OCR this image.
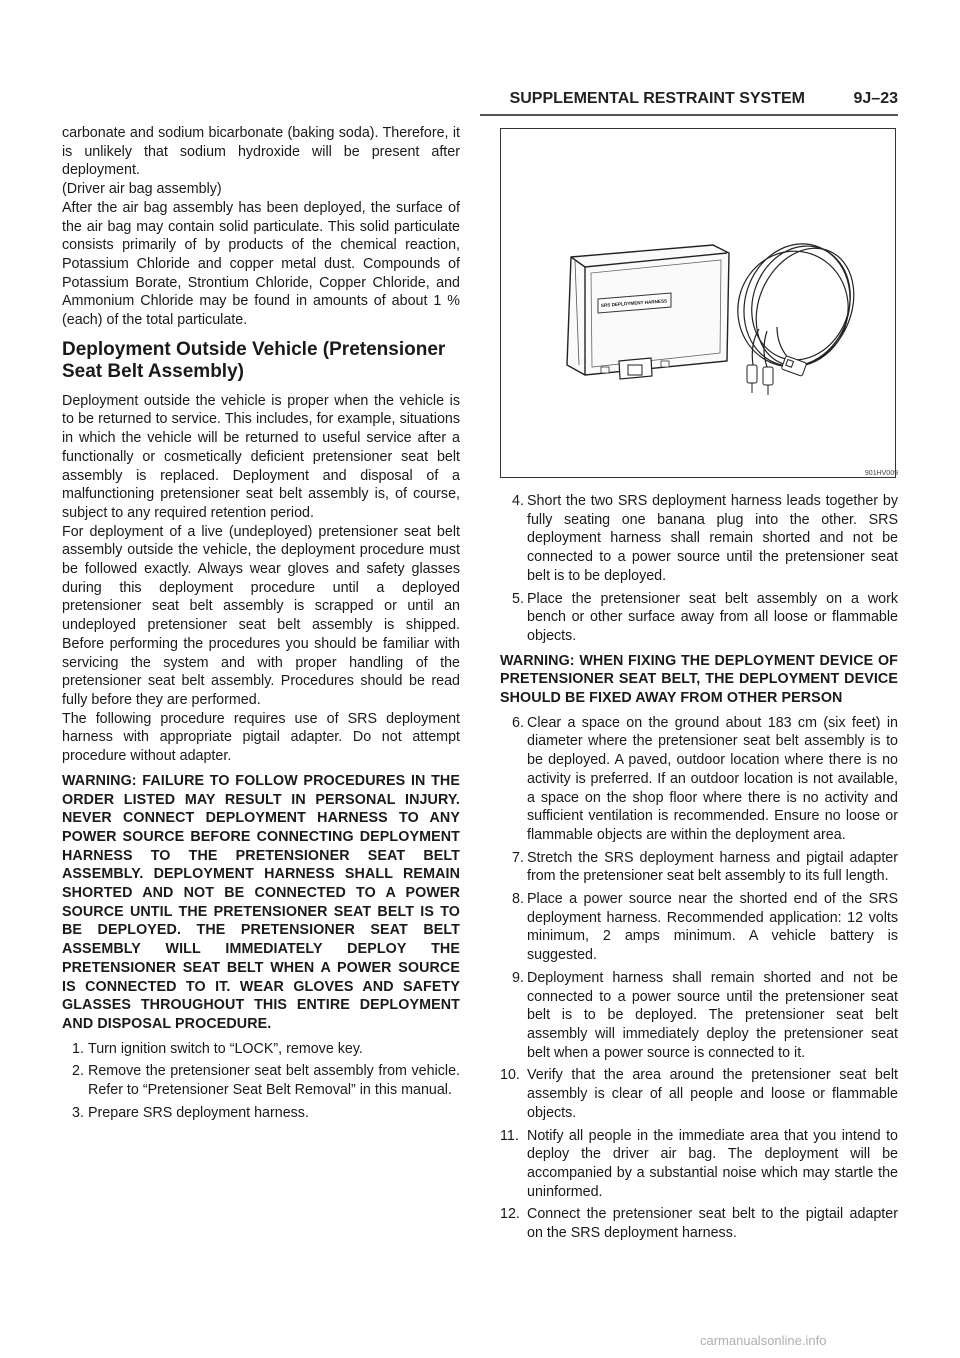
SUPPLEMENTAL RESTRAINT SYSTEM	9J–23

carbonate and sodium bicarbonate (baking soda). Therefore, it is unlikely that sodium hydroxide will be present after deployment.

(Driver air bag assembly)

After the air bag assembly has been deployed, the surface of the air bag may contain solid particulate. This solid particulate consists primarily of by products of the chemical reaction, Potassium Chloride and copper metal dust. Compounds of Potassium Borate, Strontium Chloride, Copper Chloride, and Ammonium Chloride may be found in amounts of about 1 % (each) of the total particulate.

Deployment Outside Vehicle (Pretensioner Seat Belt Assembly)

Deployment outside the vehicle is proper when the vehicle is to be returned to service. This includes, for example, situations in which the vehicle will be returned to useful service after a functionally or cosmetically deficient pretensioner seat belt assembly is replaced. Deployment and disposal of a malfunctioning pretensioner seat belt assembly is, of course, subject to any required retention period.

For deployment of a live (undeployed) pretensioner seat belt assembly outside the vehicle, the deployment procedure must be followed exactly. Always wear gloves and safety glasses during this deployment procedure until a deployed pretensioner seat belt assembly is scrapped or until an undeployed pretensioner seat belt assembly is shipped. Before performing the procedures you should be familiar with servicing the system and with proper handling of the pretensioner seat belt assembly. Procedures should be read fully before they are performed.

The following procedure requires use of SRS deployment harness with appropriate pigtail adapter. Do not attempt procedure without adapter.

WARNING: FAILURE TO FOLLOW PROCEDURES IN THE ORDER LISTED MAY RESULT IN PERSONAL INJURY. NEVER CONNECT DEPLOYMENT HARNESS TO ANY POWER SOURCE BEFORE CONNECTING DEPLOYMENT HARNESS TO THE PRETENSIONER SEAT BELT ASSEMBLY. DEPLOYMENT HARNESS SHALL REMAIN SHORTED AND NOT BE CONNECTED TO A POWER SOURCE UNTIL THE PRETENSIONER SEAT BELT IS TO BE DEPLOYED. THE PRETENSIONER SEAT BELT ASSEMBLY WILL IMMEDIATELY DEPLOY THE PRETENSIONER SEAT BELT WHEN A POWER SOURCE IS CONNECTED TO IT. WEAR GLOVES AND SAFETY GLASSES THROUGHOUT THIS ENTIRE DEPLOYMENT AND DISPOSAL PROCEDURE.

1. Turn ignition switch to “LOCK”, remove key.
2. Remove the pretensioner seat belt assembly from vehicle. Refer to “Pretensioner Seat Belt Removal” in this manual.
3. Prepare SRS deployment harness.
SRS DEPLOYMENT HARNESS
901HV009
4. Short the two SRS deployment harness leads together by fully seating one banana plug into the other. SRS deployment harness shall remain shorted and not be connected to a power source until the pretensioner seat belt is to be deployed.
5. Place the pretensioner seat belt assembly on a work bench or other surface away from all loose or flammable objects.

WARNING: WHEN FIXING THE DEPLOYMENT DEVICE OF PRETENSIONER SEAT BELT, THE DEPLOYMENT DEVICE SHOULD BE FIXED AWAY FROM OTHER PERSON

6. Clear a space on the ground about 183 cm (six feet) in diameter where the pretensioner seat belt assembly is to be deployed. A paved, outdoor location where there is no activity is preferred. If an outdoor location is not available, a space on the shop floor where there is no activity and sufficient ventilation is recommended. Ensure no loose or flammable objects are within the deployment area.
7. Stretch the SRS deployment harness and pigtail adapter from the pretensioner seat belt assembly to its full length.
8. Place a power source near the shorted end of the SRS deployment harness. Recommended application: 12 volts minimum, 2 amps minimum. A vehicle battery is suggested.
9. Deployment harness shall remain shorted and not be connected to a power source until the pretensioner seat belt is to be deployed. The pretensioner seat belt assembly will immediately deploy the pretensioner seat belt when a power source is connected to it.
10. Verify that the area around the pretensioner seat belt assembly is clear of all people and loose or flammable objects.
11. Notify all people in the immediate area that you intend to deploy the driver air bag. The deployment will be accompanied by a substantial noise which may startle the uninformed.
12. Connect the pretensioner seat belt to the pigtail adapter on the SRS deployment harness.
carmanualsonline.info
